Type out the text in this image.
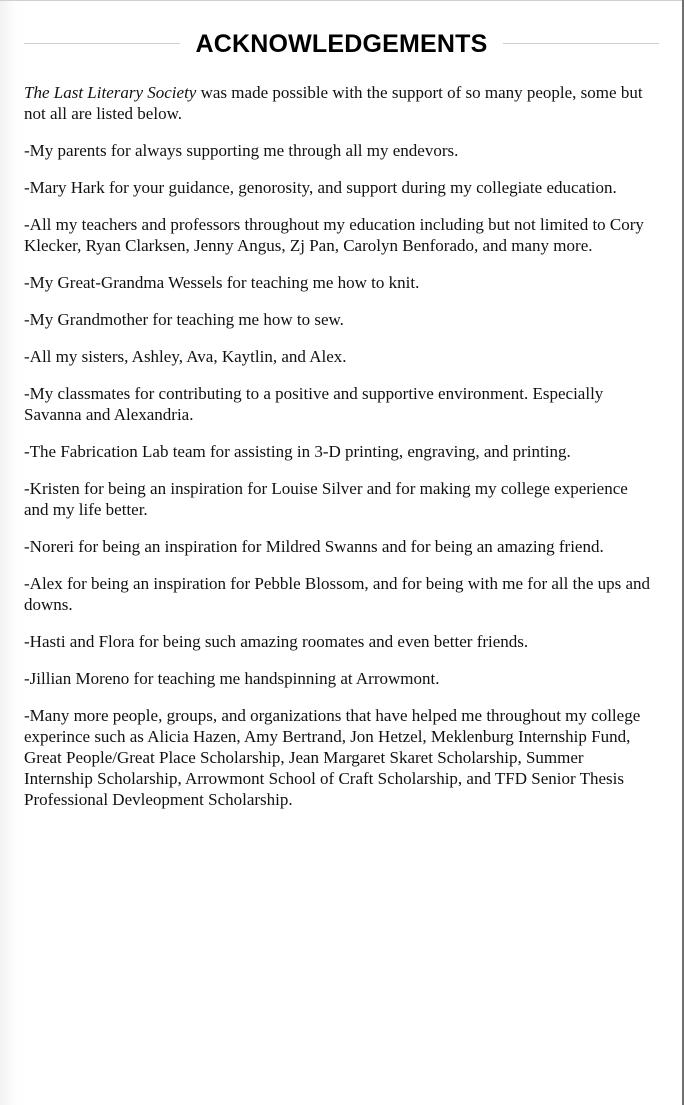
ACKNOWLEDGEMENTS

The Last Literary Society was made possible with the support of so many people, some but not all are listed below.

-My parents for always supporting me through all my endevors.

-Mary Hark for your guidance, genorosity, and support during my collegiate education.

-All my teachers and professors throughout my education including but not limited to Cory Klecker, Ryan Clarksen, Jenny Angus, Zj Pan, Carolyn Benforado, and many more.

-My Great-Grandma Wessels for teaching me how to knit.

-My Grandmother for teaching me how to sew.

-All my sisters, Ashley, Ava, Kaytlin, and Alex.

-My classmates for contributing to a positive and supportive environment. Especially Savanna and Alexandria.

-The Fabrication Lab team for assisting in 3-D printing, engraving, and printing.

-Kristen for being an inspiration for Louise Silver and for making my college experience and my life better.

-Noreri for being an inspiration for Mildred Swanns and for being an amazing friend.

-Alex for being an inspiration for Pebble Blossom, and for being with me for all the ups and downs.

-Hasti and Flora for being such amazing roomates and even better friends.

-Jillian Moreno for teaching me handspinning at Arrowmont.

-Many more people, groups, and organizations that have helped me throughout my college experince such as Alicia Hazen, Amy Bertrand, Jon Hetzel, Meklenburg Internship Fund, Great People/Great Place Scholarship, Jean Margaret Skaret Scholarship, Summer Internship Scholarship, Arrowmont School of Craft Scholarship, and TFD Senior Thesis Professional Devleopment Scholarship.
